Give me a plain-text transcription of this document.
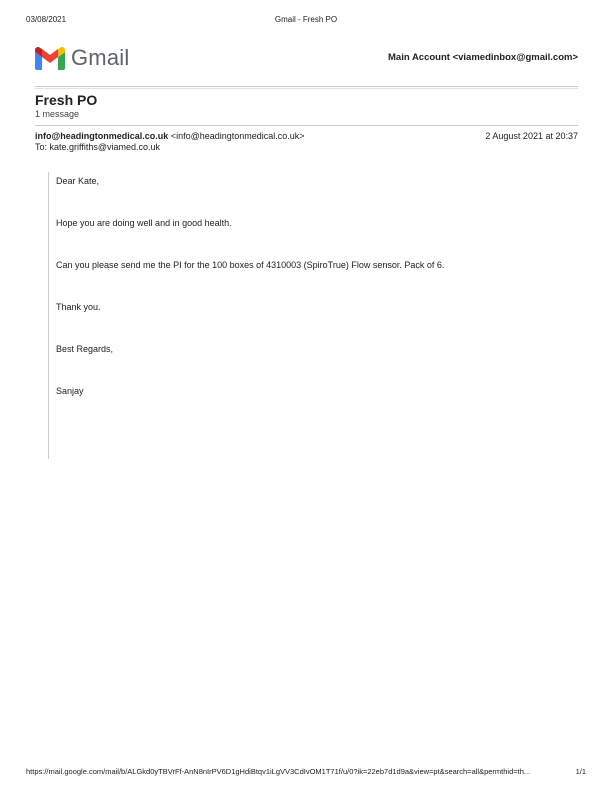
03/08/2021	Gmail - Fresh PO
Gmail	Main Account <viamedinbox@gmail.com>
Fresh PO
1 message
info@headingtonmedical.co.uk <info@headingtonmedical.co.uk>	2 August 2021 at 20:37
To: kate.griffiths@viamed.co.uk

Dear Kate,

Hope you are doing well and in good health.

Can you please send me the PI for the 100 boxes of 4310003 (SpiroTrue) Flow sensor. Pack of 6.

Thank you.

Best Regards,

Sanjay

https://mail.google.com/mail/b/ALGkd0yTBVrFf-AnN8nIrPV6D1gHdiBtqv1iLgVV3CdIvOM1T71f/u/0?ik=22eb7d1d9a&view=pt&search=all&permthid=th...	1/1
